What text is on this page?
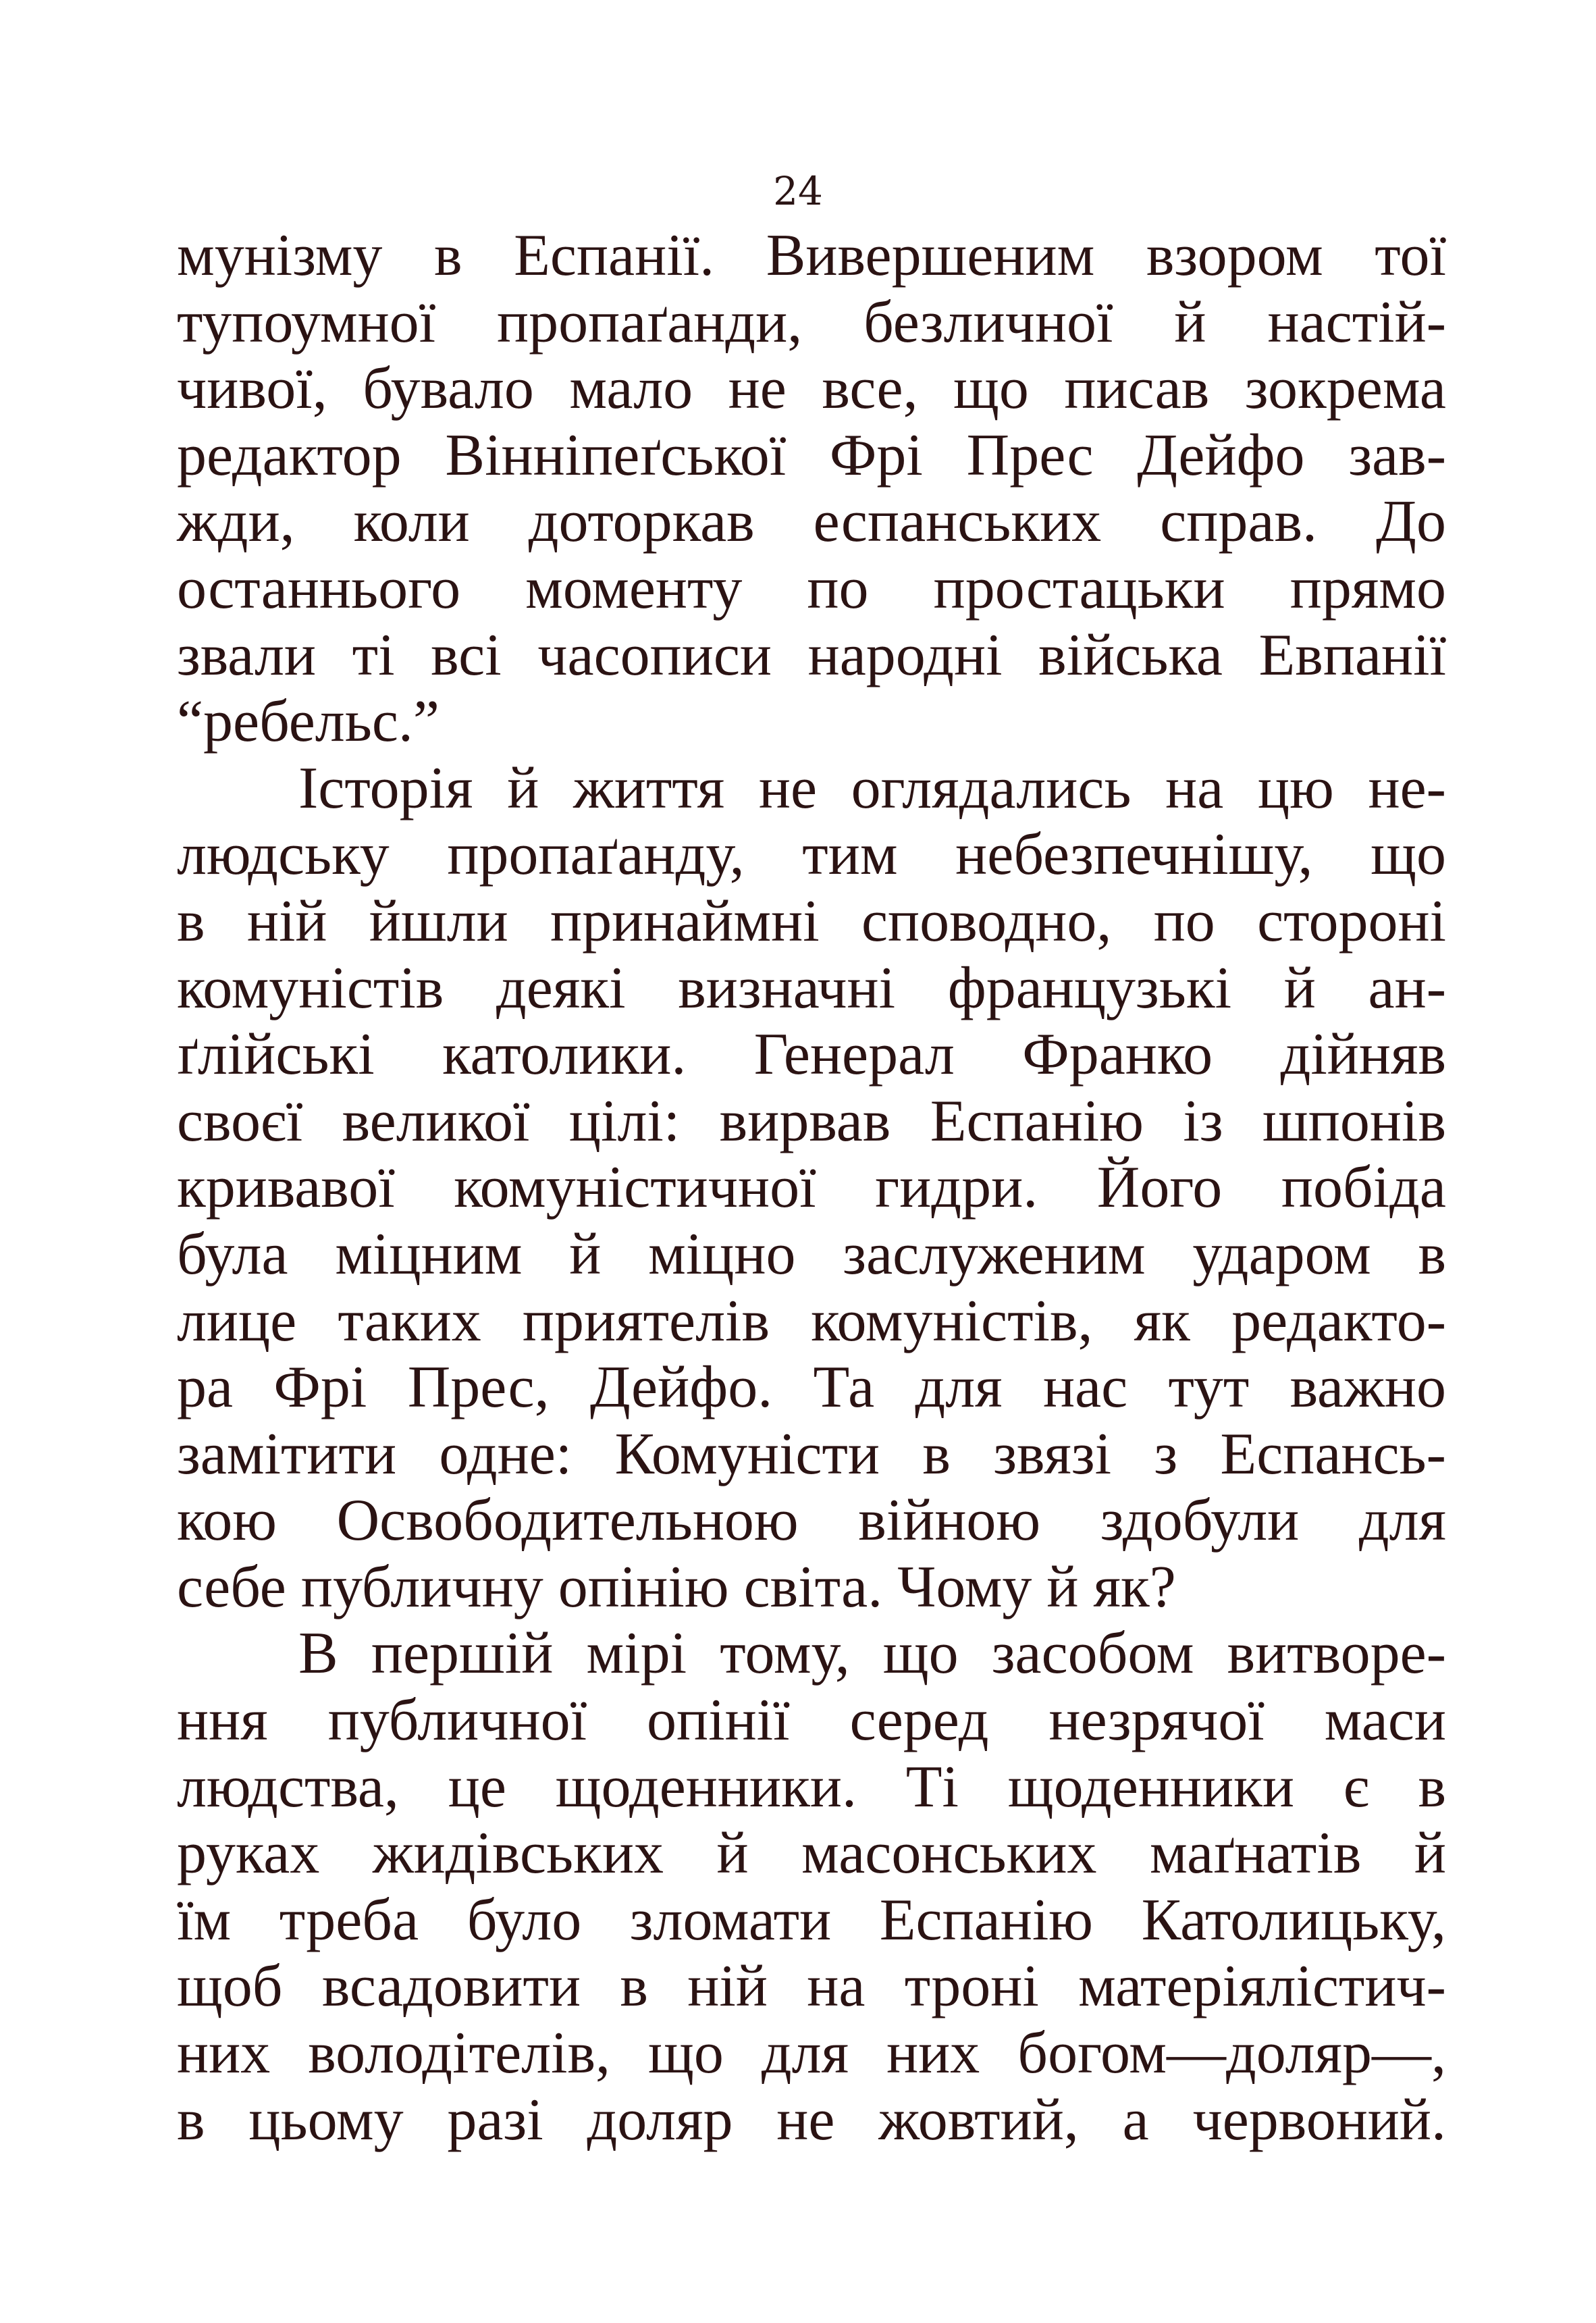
24
мунізму в Еспанії. Вивершеним взором тої
тупоумної пропаґанди, безличної й настій-
чивої, бувало мало не все, що писав зокрема
редактор Вінніпеґської Фрі Прес Дейфо зав-
жди, коли доторкав еспанських справ. До
останнього моменту по простацьки прямо
звали ті всі часописи народні війська Евпанії
“ребельс.”
Історія й життя не оглядались на цю не-
людську пропаґанду, тим небезпечнішу, що
в ній йшли принаймні споводно, по стороні
комуністів деякі визначні французькі й ан-
ґлійські католики. Генерал Франко дійняв
своєї великої цілі: вирвав Еспанію із шпонів
кривавої комуністичної гидри. Його побіда
була міцним й міцно заслуженим ударом в
лице таких приятелів комуністів, як редакто-
ра Фрі Прес, Дейфо. Та для нас тут важно
замітити одне: Комуністи в звязі з Еспансь-
кою Освободительною війною здобули для
себе публичну опінію світа. Чому й як?
В першій мірі тому, що засобом витворе-
ння публичної опінії серед незрячої маси
людства, це щоденники. Ті щоденники є в
руках жидівських й масонських маґнатів й
їм треба було зломати Еспанію Католицьку,
щоб всадовити в ній на троні матеріялістич-
них володітелів, що для них богом—доляр—,
в цьому разі доляр не жовтий, а червоний.
